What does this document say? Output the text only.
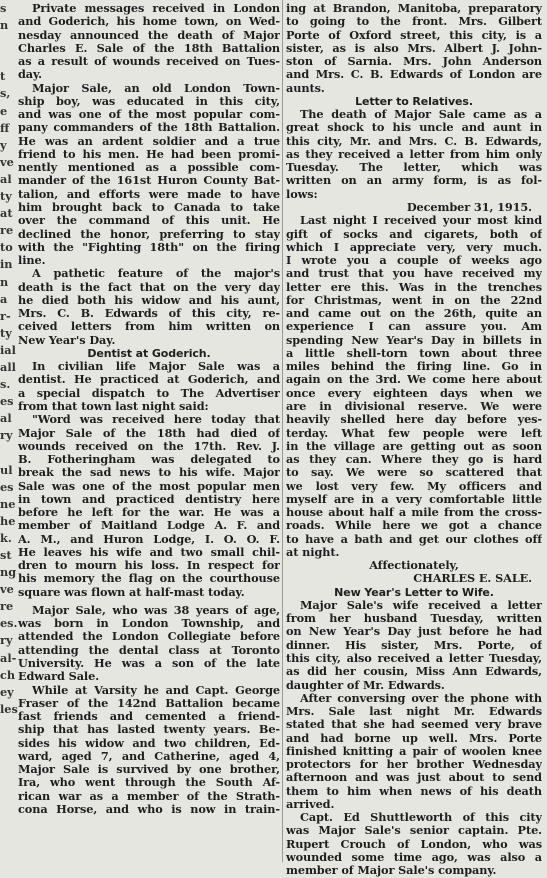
s
n
t
s,
e
ff
y
ve
al
ty
at
re
to
in
n
a
r-
ty
ial
all
s.
es
al
ry
ul
es
ne
he
k.
st
ng
ve
re
es.
ry
al-
ch
ey
les
Private messages received in London
and Goderich, his home town, on Wed-
nesday announced the death of Major
Charles E. Sale of the 18th Battalion
as a result of wounds received on Tues-
day.
Major Sale, an old London Town-
ship boy, was educated in this city,
and was one of the most popular com-
pany commanders of the 18th Battalion.
He was an ardent soldier and a true
friend to his men. He had been promi-
nently mentioned as a possible com-
mander of the 161st Huron County Bat-
talion, and efforts were made to have
him brought back to Canada to take
over the command of this unit. He
declined the honor, preferring to stay
with the "Fighting 18th" on the firing
line.
A pathetic feature of the major's
death is the fact that on the very day
he died both his widow and his aunt,
Mrs. C. B. Edwards of this city, re-
ceived letters from him written on
New Year's Day.
Dentist at Goderich.
In civilian life Major Sale was a
dentist. He practiced at Goderich, and
a special dispatch to The Advertiser
from that town last night said:
"Word was received here today that
Major Sale of the 18th had died of
wounds received on the 17th. Rev. J.
B. Fotheringham was delegated to
break the sad news to his wife. Major
Sale was one of the most popular men
in town and practiced dentistry here
before he left for the war. He was a
member of Maitland Lodge A. F. and
A. M., and Huron Lodge, I. O. O. F.
He leaves his wife and two small chil-
dren to mourn his loss. In respect for
his memory the flag on the courthouse
square was flown at half-mast today.
Major Sale, who was 38 years of age,
was born in London Township, and
attended the London Collegiate before
attending the dental class at Toronto
University. He was a son of the late
Edward Sale.
While at Varsity he and Capt. George
Fraser of the 142nd Battalion became
fast friends and cemented a friend-
ship that has lasted twenty years. Be-
sides his widow and two children, Ed-
ward, aged 7, and Catherine, aged 4,
Major Sale is survived by one brother,
Ira, who went through the South Af-
rican war as a member of the Strath-
cona Horse, and who is now in train-
ing at Brandon, Manitoba, preparatory
to going to the front. Mrs. Gilbert
Porte of Oxford street, this city, is a
sister, as is also Mrs. Albert J. John-
ston of Sarnia. Mrs. John Anderson
and Mrs. C. B. Edwards of London are
aunts.
Letter to Relatives.
The death of Major Sale came as a
great shock to his uncle and aunt in
this city, Mr. and Mrs. C. B. Edwards,
as they received a letter from him only
Tuesday. The letter, which was
written on an army form, is as fol-
lows:
December 31, 1915.
Last night I received your most kind
gift of socks and cigarets, both of
which I appreciate very, very much.
I wrote you a couple of weeks ago
and trust that you have received my
letter ere this. Was in the trenches
for Christmas, went in on the 22nd
and came out on the 26th, quite an
experience I can assure you. Am
spending New Year's Day in billets in
a little shell-torn town about three
miles behind the firing line. Go in
again on the 3rd. We come here about
once every eighteen days when we
are in divisional reserve. We were
heavily shelled here day before yes-
terday. What few people were left
in the village are getting out as soon
as they can. Where they go is hard
to say. We were so scattered that
we lost very few. My officers and
myself are in a very comfortable little
house about half a mile from the cross-
roads. While here we got a chance
to have a bath and get our clothes off
at night.
Affectionately,
CHARLES E. SALE.
New Year's Letter to Wife.
Major Sale's wife received a letter
from her husband Tuesday, written
on New Year's Day just before he had
dinner. His sister, Mrs. Porte, of
this city, also received a letter Tuesday,
as did her cousin, Miss Ann Edwards,
daughter of Mr. Edwards.
After conversing over the phone with
Mrs. Sale last night Mr. Edwards
stated that she had seemed very brave
and had borne up well. Mrs. Porte
finished knitting a pair of woolen knee
protectors for her brother Wednesday
afternoon and was just about to send
them to him when news of his death
arrived.
Capt. Ed Shuttleworth of this city
was Major Sale's senior captain. Pte.
Rupert Crouch of London, who was
wounded some time ago, was also a
member of Major Sale's company.
